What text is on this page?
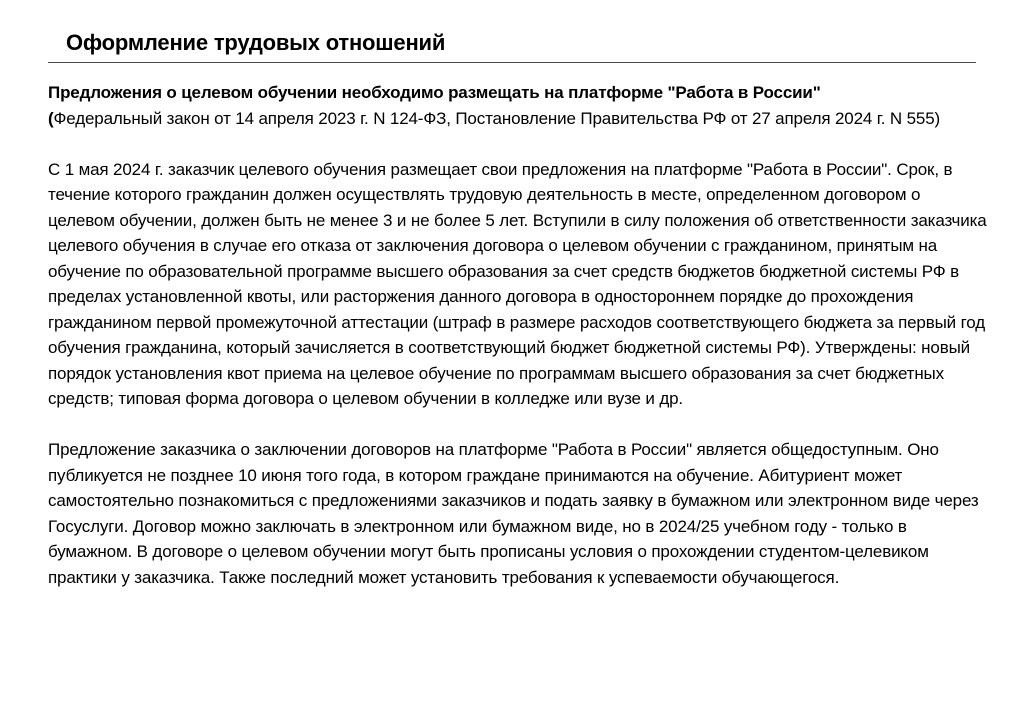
Оформление трудовых отношений

Предложения о целевом обучении необходимо размещать на платформе "Работа в России"
(Федеральный закон от 14 апреля 2023 г. N 124-ФЗ, Постановление Правительства РФ от 27 апреля 2024 г. N 555)

С 1 мая 2024 г. заказчик целевого обучения размещает свои предложения на платформе "Работа в России". Срок, в течение которого гражданин должен осуществлять трудовую деятельность в месте, определенном договором о целевом обучении, должен быть не менее 3 и не более 5 лет. Вступили в силу положения об ответственности заказчика целевого обучения в случае его отказа от заключения договора о целевом обучении с гражданином, принятым на обучение по образовательной программе высшего образования за счет средств бюджетов бюджетной системы РФ в пределах установленной квоты, или расторжения данного договора в одностороннем порядке до прохождения гражданином первой промежуточной аттестации (штраф в размере расходов соответствующего бюджета за первый год обучения гражданина, который зачисляется в соответствующий бюджет бюджетной системы РФ). Утверждены: новый порядок установления квот приема на целевое обучение по программам высшего образования за счет бюджетных средств; типовая форма договора о целевом обучении в колледже или вузе и др.

Предложение заказчика о заключении договоров на платформе "Работа в России" является общедоступным. Оно публикуется не позднее 10 июня того года, в котором граждане принимаются на обучение. Абитуриент может самостоятельно познакомиться с предложениями заказчиков и подать заявку в бумажном или электронном виде через Госуслуги. Договор можно заключать в электронном или бумажном виде, но в 2024/25 учебном году - только в бумажном. В договоре о целевом обучении могут быть прописаны условия о прохождении студентом-целевиком практики у заказчика. Также последний может установить требования к успеваемости обучающегося.
